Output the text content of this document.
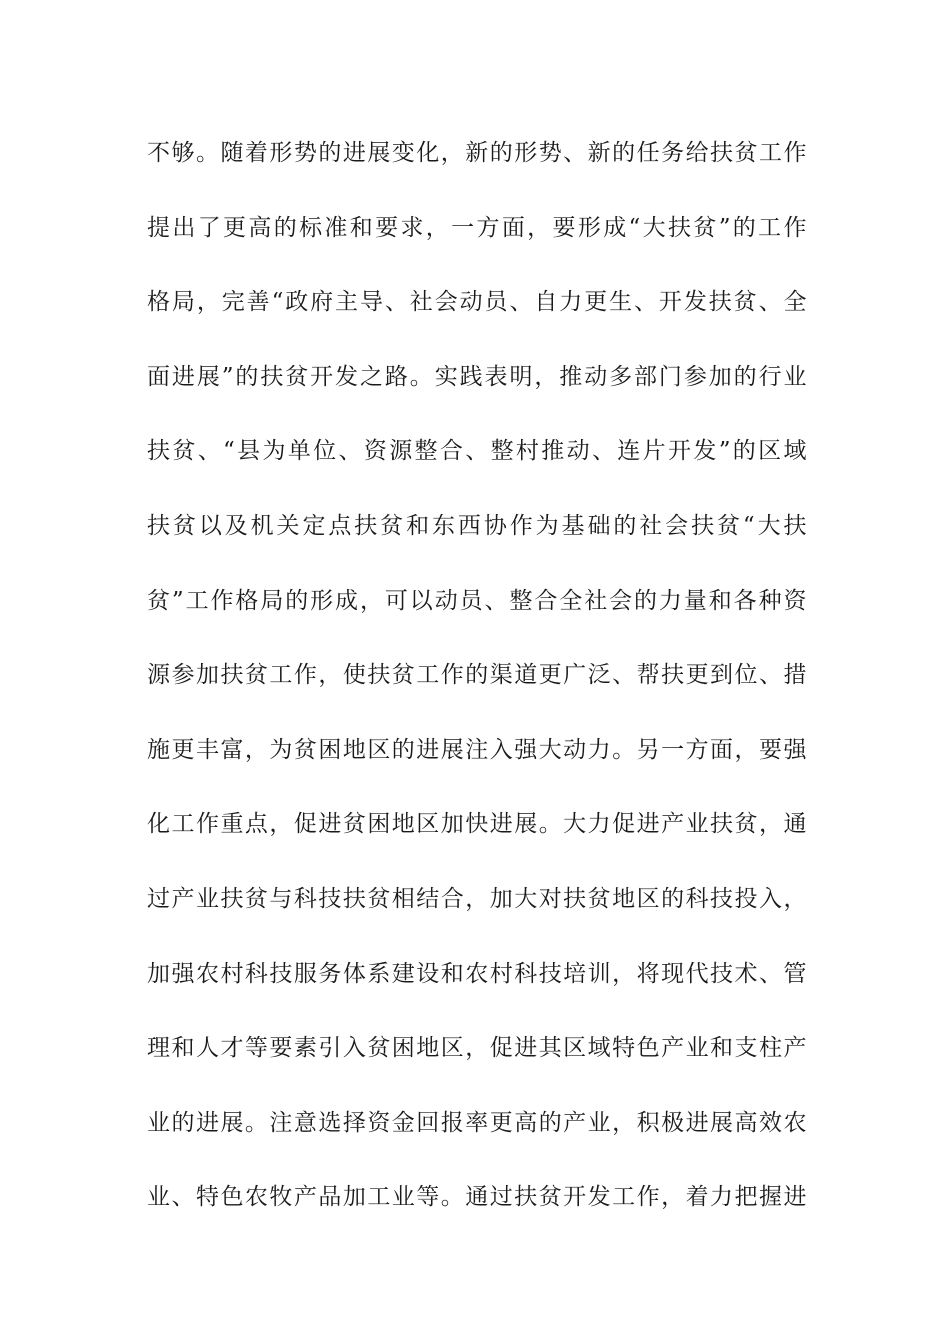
不够。随着形势的进展变化，新的形势、新的任务给扶贫工作
提出了更高的标准和要求，一方面，要形成“大扶贫”的工作
格局，完善“政府主导、社会动员、自力更生、开发扶贫、全
面进展”的扶贫开发之路。实践表明，推动多部门参加的行业
扶贫、“县为单位、资源整合、整村推动、连片开发”的区域
扶贫以及机关定点扶贫和东西协作为基础的社会扶贫“大扶
贫”工作格局的形成，可以动员、整合全社会的力量和各种资
源参加扶贫工作，使扶贫工作的渠道更广泛、帮扶更到位、措
施更丰富，为贫困地区的进展注入强大动力。另一方面，要强
化工作重点，促进贫困地区加快进展。大力促进产业扶贫，通
过产业扶贫与科技扶贫相结合，加大对扶贫地区的科技投入，
加强农村科技服务体系建设和农村科技培训，将现代技术、管
理和人才等要素引入贫困地区，促进其区域特色产业和支柱产
业的进展。注意选择资金回报率更高的产业，积极进展高效农
业、特色农牧产品加工业等。通过扶贫开发工作，着力把握进
